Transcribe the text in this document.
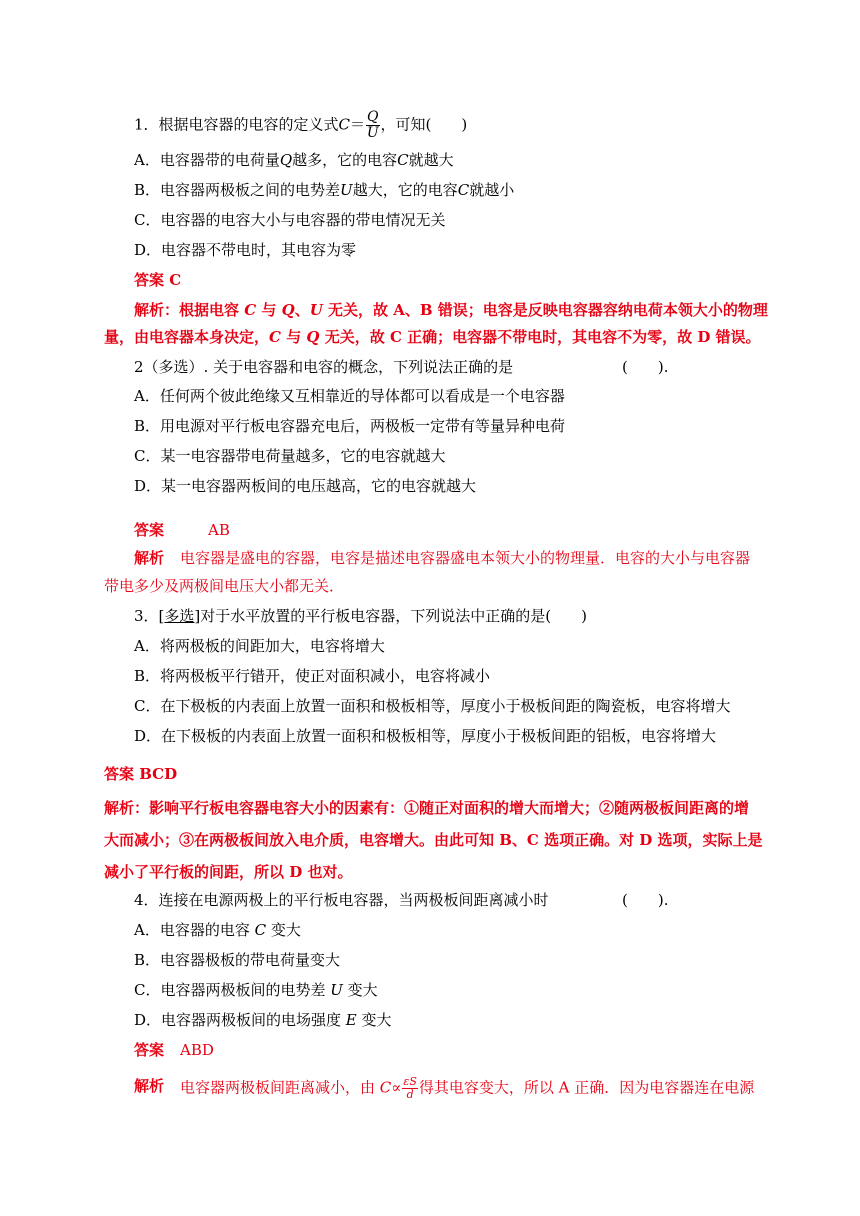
1．根据电容器的电容的定义式$C= \frac{Q}{U}$ ，可知(　　)
A．电容器带的电荷量Q越多，它的电容C就越大
B．电容器两极板之间的电势差U越大，它的电容C就越小
C．电容器的电容大小与电容器的带电情况无关
D．电容器不带电时，其电容为零
答案 C
解析：根据电容 C 与 Q、U 无关，故 A、B 错误；电容是反映电容器容纳电荷本领大小的物理
量，由电容器本身决定，C 与 Q 无关，故 C 正确；电容器不带电时，其电容不为零，故 D 错误。
2（多选）. 关于电容器和电容的概念，下列说法正确的是	(　　).
A．任何两个彼此绝缘又互相靠近的导体都可以看成是一个电容器
B．用电源对平行板电容器充电后，两极板一定带有等量异种电荷
C．某一电容器带电荷量越多，它的电容就越大
D．某一电容器两板间的电压越高，它的电容就越大
答案	AB
解析 电容器是盛电的容器，电容是描述电容器盛电本领大小的物理量．电容的大小与电容器
带电多少及两极间电压大小都无关．
3．[多选]对于水平放置的平行板电容器，下列说法中正确的是(　　)
A．将两极板的间距加大，电容将增大
B．将两极板平行错开，使正对面积减小，电容将减小
C．在下极板的内表面上放置一面积和极板相等，厚度小于极板间距的陶瓷板，电容将增大
D．在下极板的内表面上放置一面积和极板相等，厚度小于极板间距的铝板，电容将增大
答案 BCD
解析：影响平行板电容器电容大小的因素有：①随正对面积的增大而增大；②随两极板间距离的增
大而减小；③在两极板间放入电介质，电容增大。由此可知 B、C 选项正确。对 D 选项，实际上是
减小了平行板的间距，所以 D 也对。
4．连接在电源两极上的平行板电容器，当两极板间距离减小时	(　　).
A．电容器的电容 C 变大
B．电容器极板的带电荷量变大
C．电容器两极板间的电势差 U 变大
D．电容器两极板间的电场强度 E 变大
答案 ABD
解析 电容器两极板间距离减小，由 $C\propto \frac{\varepsilon S}{d}$ 得其电容变大，所以 A 正确．因为电容器连在电源
